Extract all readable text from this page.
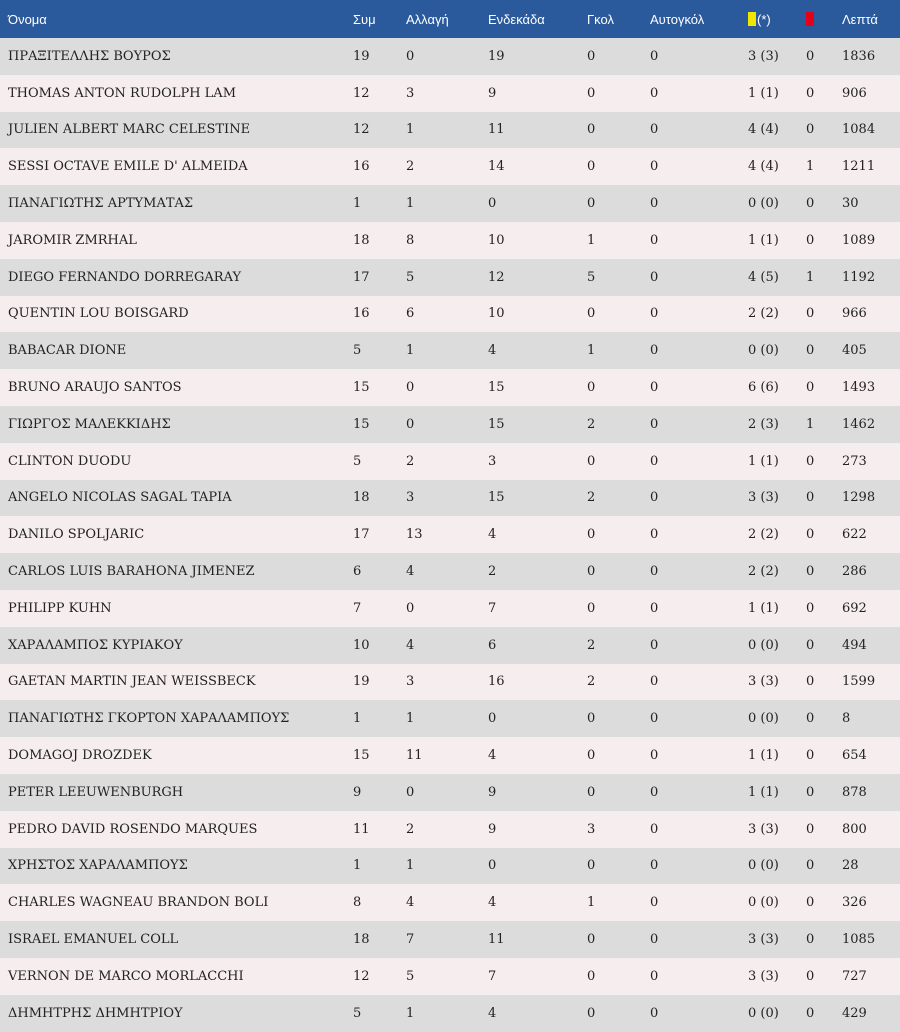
Όνομα	Συμ	Αλλαγή	Ενδεκάδα	Γκολ	Αυτογκόλ	(*)		Λεπτά
ΠΡΑΞΙΤΕΛΛΗΣ ΒΟΥΡΟΣ	19	0	19	0	0	3 (3)	0	1836
THOMAS ANTON RUDOLPH LAM	12	3	9	0	0	1 (1)	0	906
JULIEN ALBERT MARC CELESTINE	12	1	11	0	0	4 (4)	0	1084
SESSI OCTAVE EMILE D' ALMEIDA	16	2	14	0	0	4 (4)	1	1211
ΠΑΝΑΓΙΩΤΗΣ ΑΡΤΥΜΑΤΑΣ	1	1	0	0	0	0 (0)	0	30
JAROMIR ZMRHAL	18	8	10	1	0	1 (1)	0	1089
DIEGO FERNANDO DORREGARAY	17	5	12	5	0	4 (5)	1	1192
QUENTIN LOU BOISGARD	16	6	10	0	0	2 (2)	0	966
BABACAR DIONE	5	1	4	1	0	0 (0)	0	405
BRUNO ARAUJO SANTOS	15	0	15	0	0	6 (6)	0	1493
ΓΙΩΡΓΟΣ ΜΑΛΕΚΚΙΔΗΣ	15	0	15	2	0	2 (3)	1	1462
CLINTON DUODU	5	2	3	0	0	1 (1)	0	273
ANGELO NICOLAS SAGAL TAPIA	18	3	15	2	0	3 (3)	0	1298
DANILO SPOLJARIC	17	13	4	0	0	2 (2)	0	622
CARLOS LUIS BARAHONA JIMENEZ	6	4	2	0	0	2 (2)	0	286
PHILIPP KUHN	7	0	7	0	0	1 (1)	0	692
ΧΑΡΑΛΑΜΠΟΣ ΚΥΡΙΑΚΟΥ	10	4	6	2	0	0 (0)	0	494
GAETAN MARTIN JEAN WEISSBECK	19	3	16	2	0	3 (3)	0	1599
ΠΑΝΑΓΙΩΤΗΣ ΓΚΟΡΤΟΝ ΧΑΡΑΛΑΜΠΟΥΣ	1	1	0	0	0	0 (0)	0	8
DOMAGOJ DROZDEK	15	11	4	0	0	1 (1)	0	654
PETER LEEUWENBURGH	9	0	9	0	0	1 (1)	0	878
PEDRO DAVID ROSENDO MARQUES	11	2	9	3	0	3 (3)	0	800
ΧΡΗΣΤΟΣ ΧΑΡΑΛΑΜΠΟΥΣ	1	1	0	0	0	0 (0)	0	28
CHARLES WAGNEAU BRANDON BOLI	8	4	4	1	0	0 (0)	0	326
ISRAEL EMANUEL COLL	18	7	11	0	0	3 (3)	0	1085
VERNON DE MARCO MORLACCHI	12	5	7	0	0	3 (3)	0	727
ΔΗΜΗΤΡΗΣ ΔΗΜΗΤΡΙΟΥ	5	1	4	0	0	0 (0)	0	429
